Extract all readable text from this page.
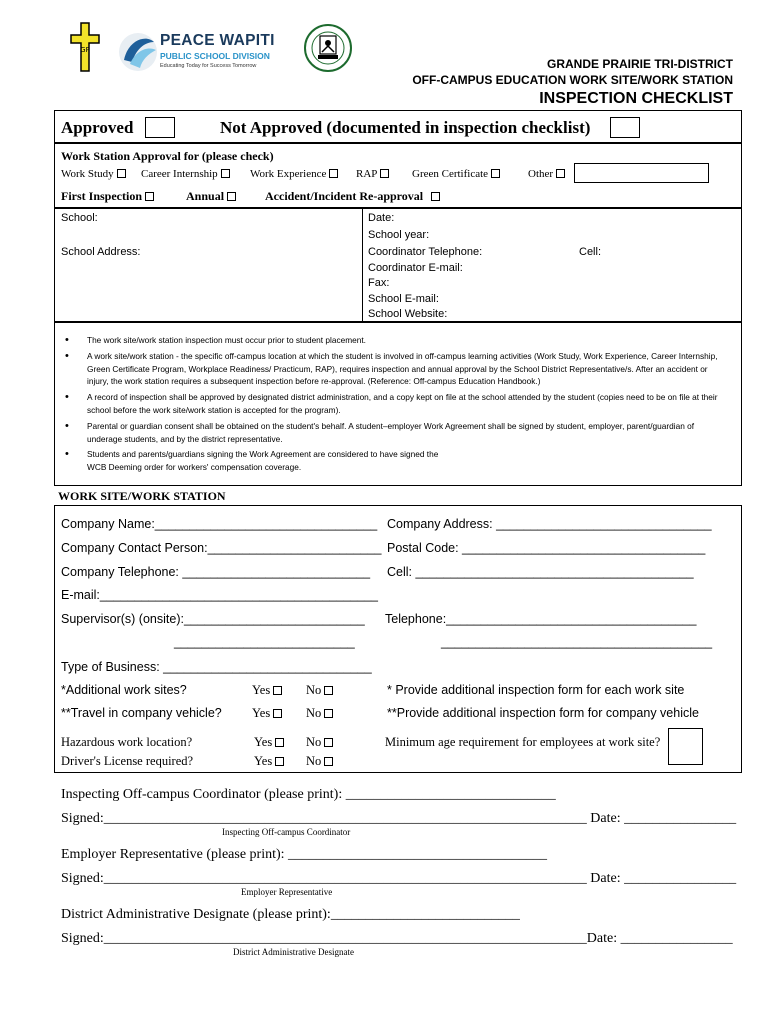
GP
PEACE WAPITI
PUBLIC SCHOOL DIVISION
Educating Today for Success Tomorrow	GRANDE PRAIRIE TRI-DISTRICT
OFF-CAMPUS EDUCATION WORK SITE/WORK STATION
INSPECTION CHECKLIST
Approved	Not Approved (documented in inspection checklist)
Work Station Approval for (please check)
Work Study	Career Internship	Work Experience	RAP	Green Certificate	Other
First Inspection	Annual	Accident/Incident Re-approval
School:
School Address:
Date:
School year:
Coordinator Telephone:	Cell:
Coordinator E-mail:
Fax:
School E-mail:
School Website:
• The work site/work station inspection must occur prior to student placement.
• A work site/work station - the specific off-campus location at which the student is involved in off-campus learning activities (Work Study, Work Experience, Career Internship, Green Certificate Program, Workplace Readiness/ Practicum, RAP), requires inspection and annual approval by the School District Representative/s. After an accident or injury, the work station requires a subsequent inspection before re-approval. (Reference: Off-campus Education Handbook.)
• A record of inspection shall be approved by designated district administration, and a copy kept on file at the school attended by the student (copies need to be on file at their school before the work site/work station is accepted for the program).
• Parental or guardian consent shall be obtained on the student's behalf. A student–employer Work Agreement shall be signed by student, employer, parent/guardian of underage students, and by the district representative.
• Students and parents/guardians signing the Work Agreement are considered to have signed the WCB Deeming order for workers' compensation coverage.
WORK SITE/WORK STATION
Company Name:________________________________ Company Address: _______________________________
Company Contact Person:_________________________ Postal Code: ___________________________________
Company Telephone: ___________________________ Cell: ________________________________________
E-mail:________________________________________
Supervisor(s) (onsite):__________________________
__________________________
Telephone:____________________________________
_______________________________________
Type of Business: ______________________________
*Additional work sites?	Yes	No	* Provide additional inspection form for each work site
**Travel in company vehicle? Yes	No	**Provide additional inspection form for company vehicle
Hazardous work location?	Yes	No	Minimum age requirement for employees at work site?
Driver's License required?	Yes	No
Inspecting Off-campus Coordinator (please print): ______________________________
Signed:_____________________________________________________________________ Date: ________________
Inspecting Off-campus Coordinator
Employer Representative (please print): _____________________________________
Signed:_____________________________________________________________________ Date: ________________
Employer Representative
District Administrative Designate (please print):___________________________
Signed:_____________________________________________________________________Date: ________________
District Administrative Designate
